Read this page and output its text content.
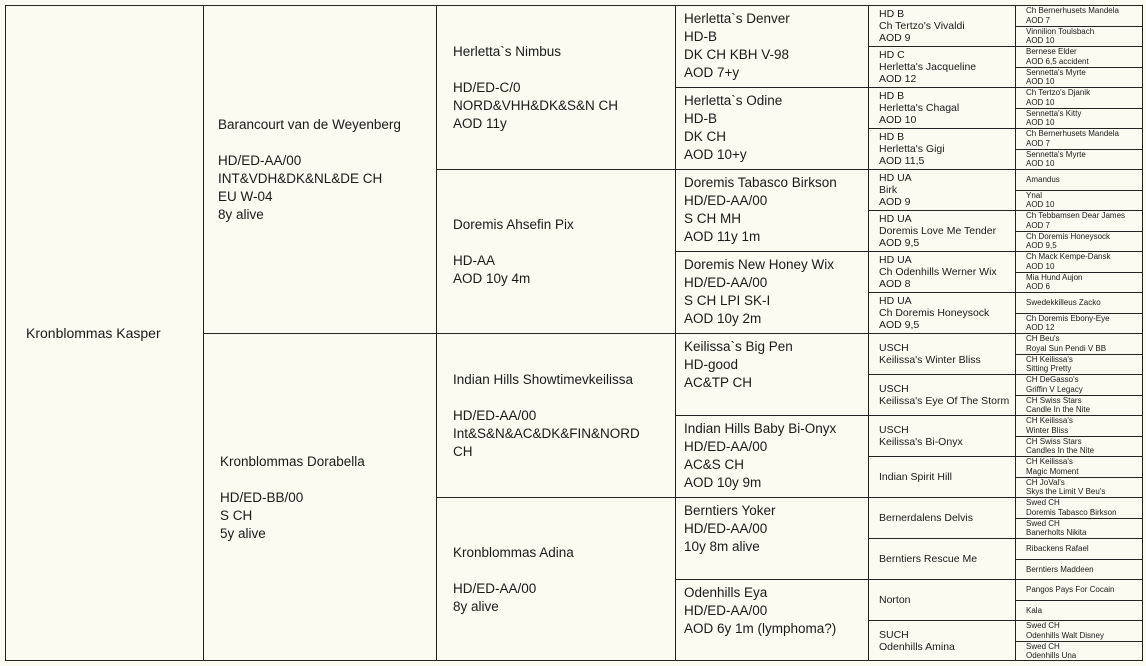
Kronblommas Kasper
Barancourt van de Weyenberg
HD/ED-AA/00
INT&VDH&DK&NL&DE CH
EU W-04
8y alive
Kronblommas Dorabella
HD/ED-BB/00
S CH
5y alive
Herletta`s Nimbus
HD/ED-C/0
NORD&VHH&DK&S&N CH
AOD 11y
Doremis Ahsefin Pix
HD-AA
AOD 10y 4m
Indian Hills Showtimevkeilissa
HD/ED-AA/00
Int&S&N&AC&DK&FIN&NORD
CH
Kronblommas Adina
HD/ED-AA/00
8y alive
Herletta`s Denver
HD-B
DK CH KBH V-98
AOD 7+y
Herletta`s Odine
HD-B
DK CH
AOD 10+y
Doremis Tabasco Birkson
HD/ED-AA/00
S CH MH
AOD 11y 1m
Doremis New Honey Wix
HD/ED-AA/00
S CH LPI SK-I
AOD 10y 2m
Keilissa`s Big Pen
HD-good
AC&TP CH
Indian Hills Baby Bi-Onyx
HD/ED-AA/00
AC&S CH
AOD 10y 9m
Berntiers Yoker
HD/ED-AA/00
10y 8m alive
Odenhills Eya
HD/ED-AA/00
AOD 6y 1m (lymphoma?)
HD B
Ch Tertzo's Vivaldi
AOD 9
HD C
Herletta's Jacqueline
AOD 12
HD B
Herletta's Chagal
AOD 10
HD B
Herletta's Gigi
AOD 11,5
HD UA
Birk
AOD 9
HD UA
Doremis Love Me Tender
AOD 9,5
HD UA
Ch Odenhills Werner Wix
AOD 8
HD UA
Ch Doremis Honeysock
AOD 9,5
USCH
Keilissa's Winter Bliss
USCH
Keilissa's Eye Of The Storm
USCH
Keilissa's Bi-Onyx
Indian Spirit Hill
Bernerdalens Delvis
Berntiers Rescue Me
Norton
SUCH
Odenhills Amina
Ch Bernerhusets Mandela
AOD 7
Vinnilion Toulsbach
AOD 10
Bernese Elder
AOD 6,5 accident
Sennetta's Myrte
AOD 10
Ch Tertzo's Djanik
AOD 10
Sennetta's Kitty
AOD 10
Ch Bernerhusets Mandela
AOD 7
Sennetta's Myrte
AOD 10
Amandus
Ynal
AOD 10
Ch Tebbamsen Dear James
AOD 7
Ch Doremis Honeysock
AOD 9,5
Ch Mack Kempe-Dansk
AOD 10
Mia Hund Aujon
AOD 6
Swedekkilleus Zacko
Ch Doremis Ebony-Eye
AOD 12
CH Beu's
Royal Sun Pendi V BB
CH Keilissa's
Sitting Pretty
CH DeGasso's
Griffin V Legacy
CH Swiss Stars
Candle In the Nite
CH Keilissa's
Winter Bliss
CH Swiss Stars
Candles In the Nite
CH Keilissa's
Magic Moment
CH JoVal's
Skys the Limit V Beu's
Swed CH
Doremis Tabasco Birkson
Swed CH
Banerholts Nikita
Ribackens Rafael
Berntiers Maddeen
Pangos Pays For Cocain
Kala
Swed CH
Odenhills Walt Disney
Swed CH
Odenhills Una
